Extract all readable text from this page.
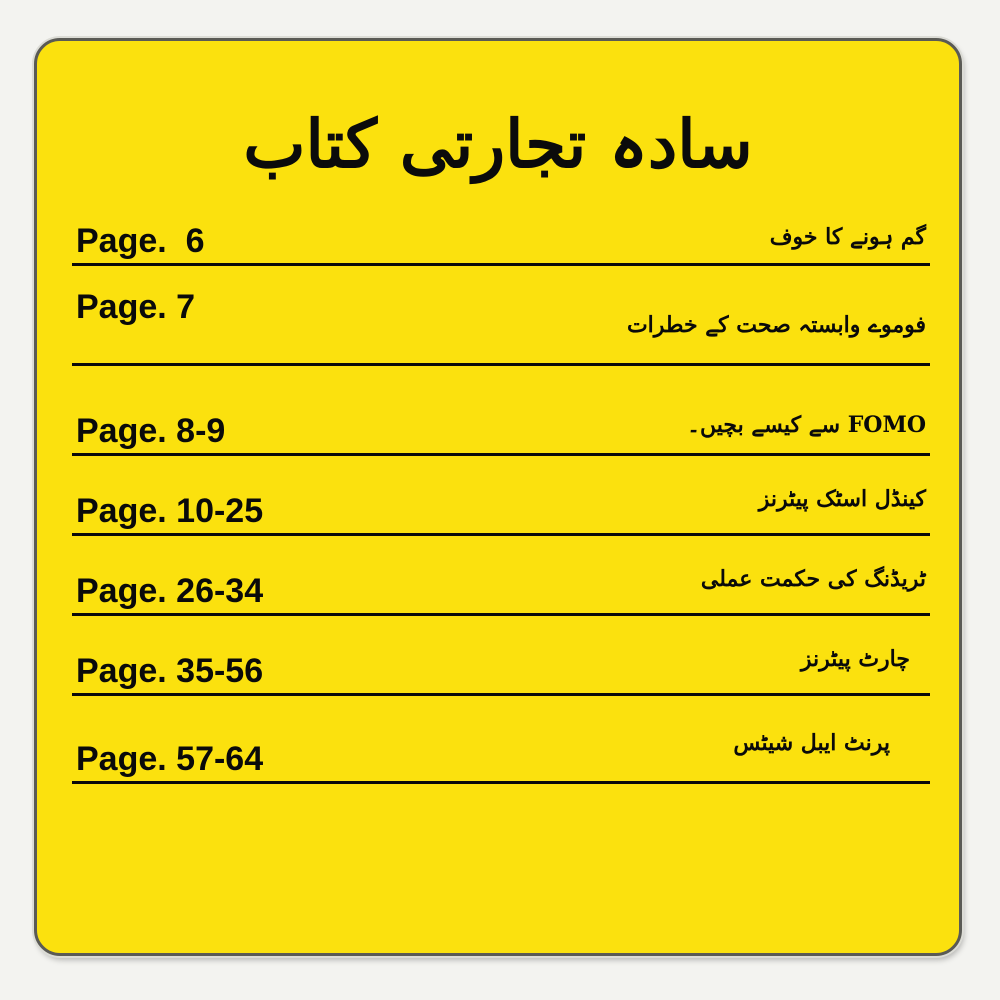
سادہ تجارتی کتاب
Page.  6	گم ہونے کا خوف
Page. 7	فوموے وابستہ صحت کے خطرات
Page. 8-9	FOMO سے کیسے بچیں۔
Page. 10-25	کینڈل اسٹک پیٹرنز
Page. 26-34	ٹریڈنگ کی حکمت عملی
Page. 35-56	چارٹ پیٹرنز
Page. 57-64	پرنٹ ایبل شیٹس
